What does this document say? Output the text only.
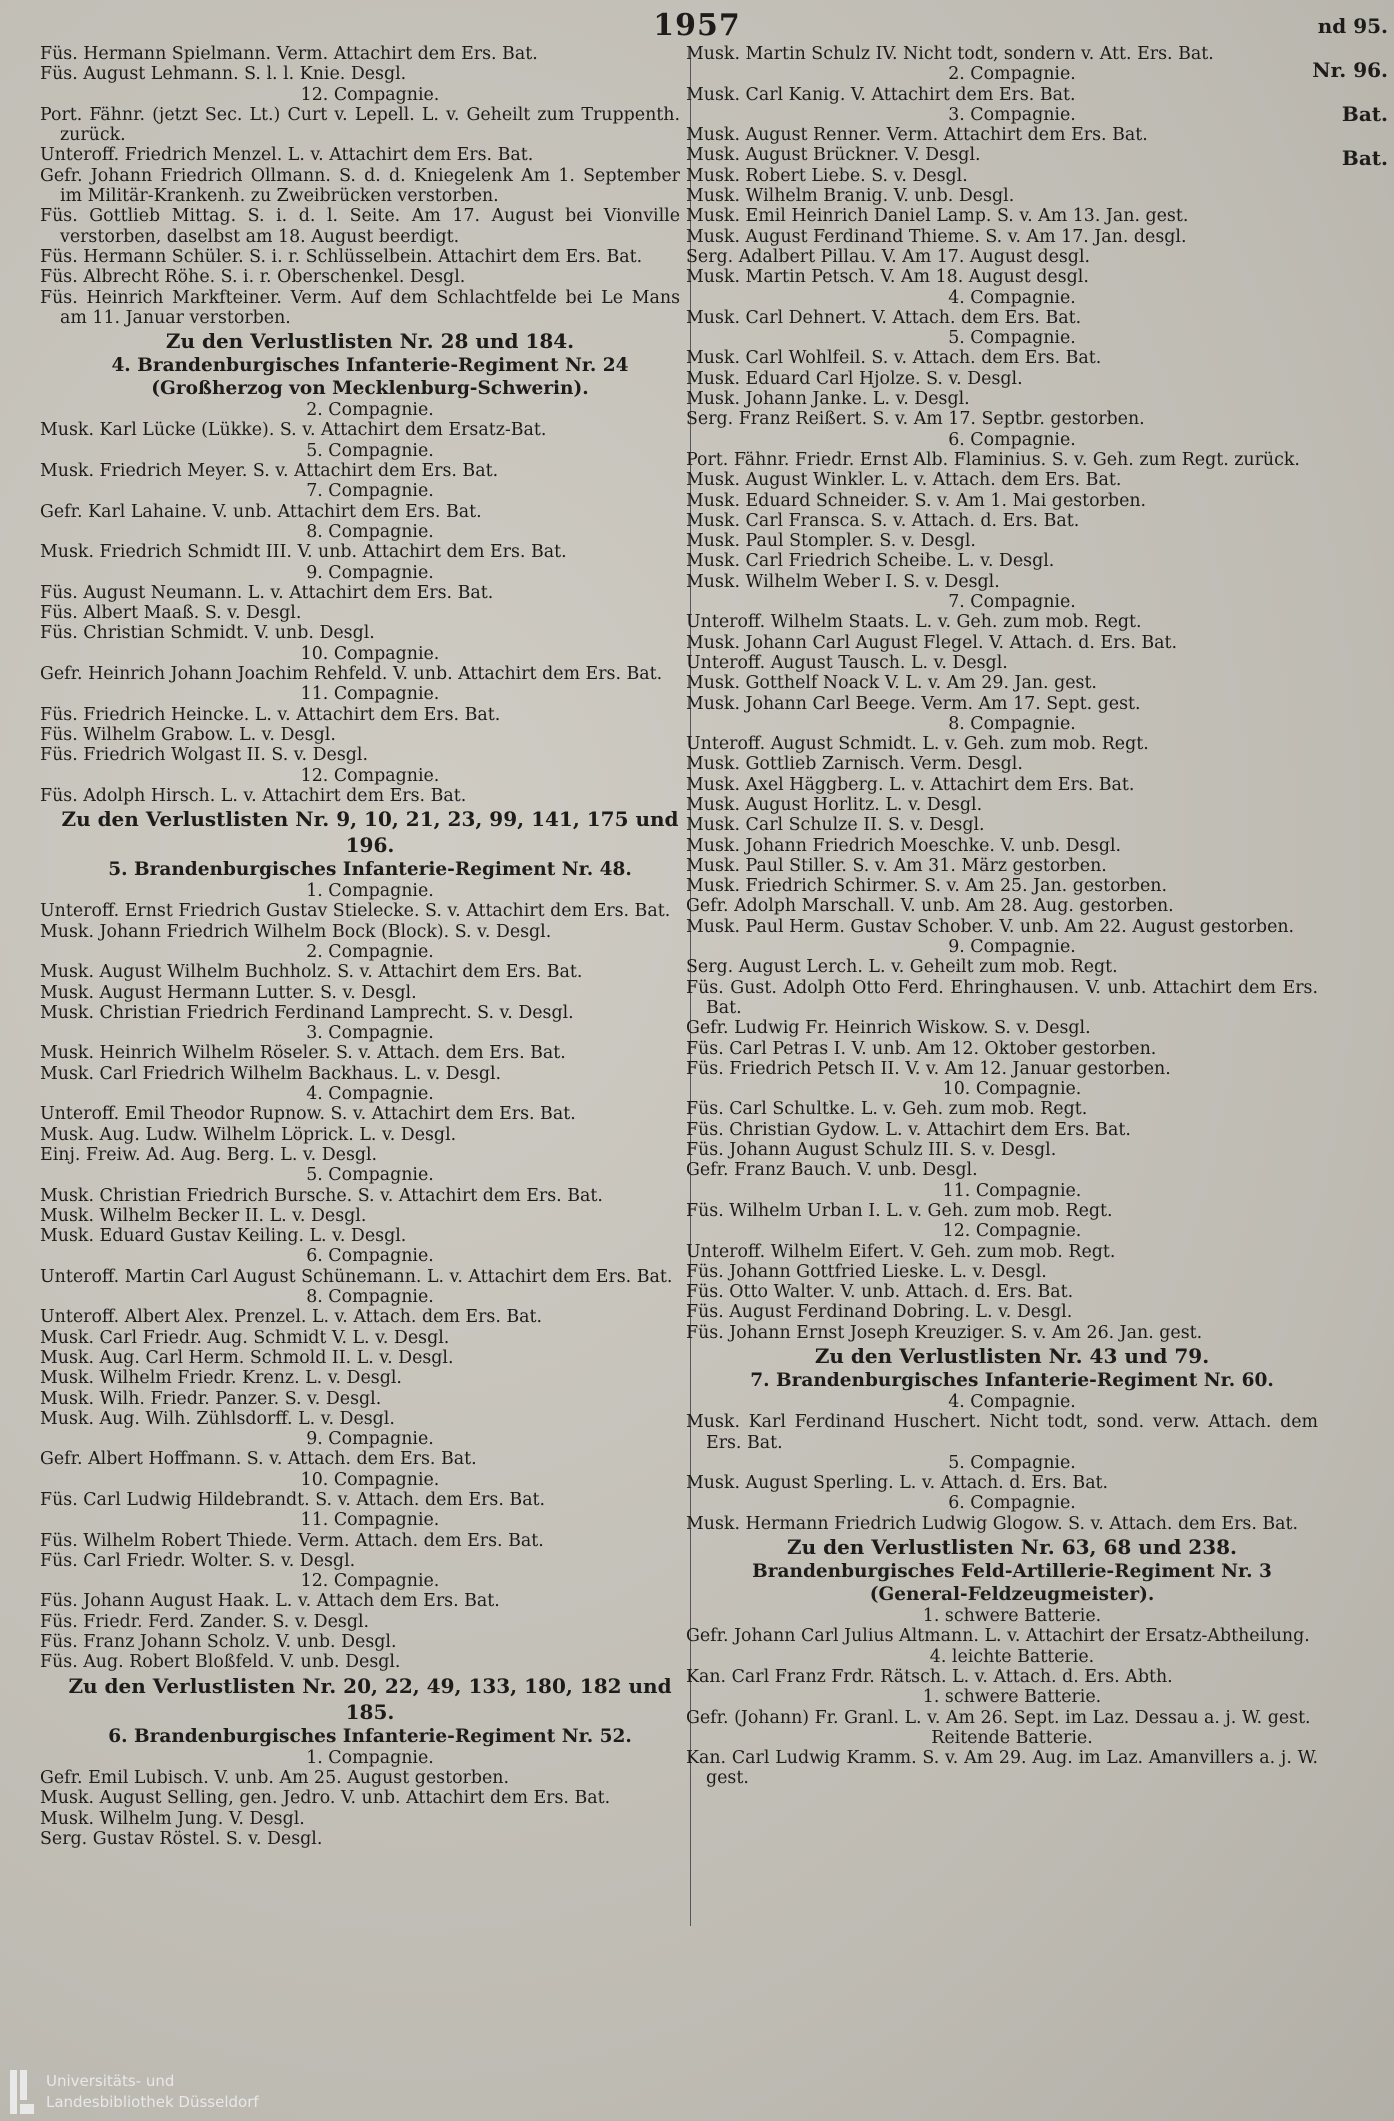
1957	nd 95.
Nr. 96.
Bat.
Bat.

Füs. Hermann Spielmann. Verm. Attachirt dem Ers. Bat.

Füs. August Lehmann. S. l. l. Knie. Desgl.

12. Compagnie.

Port. Fähnr. (jetzt Sec. Lt.) Curt v. Lepell. L. v. Geheilt zum Truppenth. zurück.

Unteroff. Friedrich Menzel. L. v. Attachirt dem Ers. Bat.

Gefr. Johann Friedrich Ollmann. S. d. d. Kniegelenk Am 1. September im Militär-Krankenh. zu Zweibrücken verstorben.

Füs. Gottlieb Mittag. S. i. d. l. Seite. Am 17. August bei Vionville verstorben, daselbst am 18. August beerdigt.

Füs. Hermann Schüler. S. i. r. Schlüsselbein. Attachirt dem Ers. Bat.

Füs. Albrecht Röhe. S. i. r. Oberschenkel. Desgl.

Füs. Heinrich Markfteiner. Verm. Auf dem Schlachtfelde bei Le Mans am 11. Januar verstorben.

Zu den Verlustlisten Nr. 28 und 184.

4. Brandenburgisches Infanterie-Regiment Nr. 24 (Großherzog von Mecklenburg-Schwerin).

2. Compagnie.

Musk. Karl Lücke (Lükke). S. v. Attachirt dem Ersatz-Bat.

5. Compagnie.

Musk. Friedrich Meyer. S. v. Attachirt dem Ers. Bat.

7. Compagnie.

Gefr. Karl Lahaine. V. unb. Attachirt dem Ers. Bat.

8. Compagnie.

Musk. Friedrich Schmidt III. V. unb. Attachirt dem Ers. Bat.

9. Compagnie.

Füs. August Neumann. L. v. Attachirt dem Ers. Bat.

Füs. Albert Maaß. S. v. Desgl.

Füs. Christian Schmidt. V. unb. Desgl.

10. Compagnie.

Gefr. Heinrich Johann Joachim Rehfeld. V. unb. Attachirt dem Ers. Bat.

11. Compagnie.

Füs. Friedrich Heincke. L. v. Attachirt dem Ers. Bat.

Füs. Wilhelm Grabow. L. v. Desgl.

Füs. Friedrich Wolgast II. S. v. Desgl.

12. Compagnie.

Füs. Adolph Hirsch. L. v. Attachirt dem Ers. Bat.

Zu den Verlustlisten Nr. 9, 10, 21, 23, 99, 141, 175 und 196.

5. Brandenburgisches Infanterie-Regiment Nr. 48.

1. Compagnie.

Unteroff. Ernst Friedrich Gustav Stielecke. S. v. Attachirt dem Ers. Bat.

Musk. Johann Friedrich Wilhelm Bock (Block). S. v. Desgl.

2. Compagnie.

Musk. August Wilhelm Buchholz. S. v. Attachirt dem Ers. Bat.

Musk. August Hermann Lutter. S. v. Desgl.

Musk. Christian Friedrich Ferdinand Lamprecht. S. v. Desgl.

3. Compagnie.

Musk. Heinrich Wilhelm Röseler. S. v. Attach. dem Ers. Bat.

Musk. Carl Friedrich Wilhelm Backhaus. L. v. Desgl.

4. Compagnie.

Unteroff. Emil Theodor Rupnow. S. v. Attachirt dem Ers. Bat.

Musk. Aug. Ludw. Wilhelm Löprick. L. v. Desgl.

Einj. Freiw. Ad. Aug. Berg. L. v. Desgl.

5. Compagnie.

Musk. Christian Friedrich Bursche. S. v. Attachirt dem Ers. Bat.

Musk. Wilhelm Becker II. L. v. Desgl.

Musk. Eduard Gustav Keiling. L. v. Desgl.

6. Compagnie.

Unteroff. Martin Carl August Schünemann. L. v. Attachirt dem Ers. Bat.

8. Compagnie.

Unteroff. Albert Alex. Prenzel. L. v. Attach. dem Ers. Bat.

Musk. Carl Friedr. Aug. Schmidt V. L. v. Desgl.

Musk. Aug. Carl Herm. Schmold II. L. v. Desgl.

Musk. Wilhelm Friedr. Krenz. L. v. Desgl.

Musk. Wilh. Friedr. Panzer. S. v. Desgl.

Musk. Aug. Wilh. Zühlsdorff. L. v. Desgl.

9. Compagnie.

Gefr. Albert Hoffmann. S. v. Attach. dem Ers. Bat.

10. Compagnie.

Füs. Carl Ludwig Hildebrandt. S. v. Attach. dem Ers. Bat.

11. Compagnie.

Füs. Wilhelm Robert Thiede. Verm. Attach. dem Ers. Bat.

Füs. Carl Friedr. Wolter. S. v. Desgl.

12. Compagnie.

Füs. Johann August Haak. L. v. Attach dem Ers. Bat.

Füs. Friedr. Ferd. Zander. S. v. Desgl.

Füs. Franz Johann Scholz. V. unb. Desgl.

Füs. Aug. Robert Bloßfeld. V. unb. Desgl.

Zu den Verlustlisten Nr. 20, 22, 49, 133, 180, 182 und 185.

6. Brandenburgisches Infanterie-Regiment Nr. 52.

1. Compagnie.

Gefr. Emil Lubisch. V. unb. Am 25. August gestorben.

Musk. August Selling, gen. Jedro. V. unb. Attachirt dem Ers. Bat.

Musk. Wilhelm Jung. V. Desgl.

Serg. Gustav Röstel. S. v. Desgl.

Musk. Martin Schulz IV. Nicht todt, sondern v. Att. Ers. Bat.

2. Compagnie.

Musk. Carl Kanig. V. Attachirt dem Ers. Bat.

3. Compagnie.

Musk. August Renner. Verm. Attachirt dem Ers. Bat.

Musk. August Brückner. V. Desgl.

Musk. Robert Liebe. S. v. Desgl.

Musk. Wilhelm Branig. V. unb. Desgl.

Musk. Emil Heinrich Daniel Lamp. S. v. Am 13. Jan. gest.

Musk. August Ferdinand Thieme. S. v. Am 17. Jan. desgl.

Serg. Adalbert Pillau. V. Am 17. August desgl.

Musk. Martin Petsch. V. Am 18. August desgl.

4. Compagnie.

Musk. Carl Dehnert. V. Attach. dem Ers. Bat.

5. Compagnie.

Musk. Carl Wohlfeil. S. v. Attach. dem Ers. Bat.

Musk. Eduard Carl Hjolze. S. v. Desgl.

Musk. Johann Janke. L. v. Desgl.

Serg. Franz Reißert. S. v. Am 17. Septbr. gestorben.

6. Compagnie.

Port. Fähnr. Friedr. Ernst Alb. Flaminius. S. v. Geh. zum Regt. zurück.

Musk. August Winkler. L. v. Attach. dem Ers. Bat.

Musk. Eduard Schneider. S. v. Am 1. Mai gestorben.

Musk. Carl Fransca. S. v. Attach. d. Ers. Bat.

Musk. Paul Stompler. S. v. Desgl.

Musk. Carl Friedrich Scheibe. L. v. Desgl.

Musk. Wilhelm Weber I. S. v. Desgl.

7. Compagnie.

Unteroff. Wilhelm Staats. L. v. Geh. zum mob. Regt.

Musk. Johann Carl August Flegel. V. Attach. d. Ers. Bat.

Unteroff. August Tausch. L. v. Desgl.

Musk. Gotthelf Noack V. L. v. Am 29. Jan. gest.

Musk. Johann Carl Beege. Verm. Am 17. Sept. gest.

8. Compagnie.

Unteroff. August Schmidt. L. v. Geh. zum mob. Regt.

Musk. Gottlieb Zarnisch. Verm. Desgl.

Musk. Axel Häggberg. L. v. Attachirt dem Ers. Bat.

Musk. August Horlitz. L. v. Desgl.

Musk. Carl Schulze II. S. v. Desgl.

Musk. Johann Friedrich Moeschke. V. unb. Desgl.

Musk. Paul Stiller. S. v. Am 31. März gestorben.

Musk. Friedrich Schirmer. S. v. Am 25. Jan. gestorben.

Gefr. Adolph Marschall. V. unb. Am 28. Aug. gestorben.

Musk. Paul Herm. Gustav Schober. V. unb. Am 22. August gestorben.

9. Compagnie.

Serg. August Lerch. L. v. Geheilt zum mob. Regt.

Füs. Gust. Adolph Otto Ferd. Ehringhausen. V. unb. Attachirt dem Ers. Bat.

Gefr. Ludwig Fr. Heinrich Wiskow. S. v. Desgl.

Füs. Carl Petras I. V. unb. Am 12. Oktober gestorben.

Füs. Friedrich Petsch II. V. v. Am 12. Januar gestorben.

10. Compagnie.

Füs. Carl Schultke. L. v. Geh. zum mob. Regt.

Füs. Christian Gydow. L. v. Attachirt dem Ers. Bat.

Füs. Johann August Schulz III. S. v. Desgl.

Gefr. Franz Bauch. V. unb. Desgl.

11. Compagnie.

Füs. Wilhelm Urban I. L. v. Geh. zum mob. Regt.

12. Compagnie.

Unteroff. Wilhelm Eifert. V. Geh. zum mob. Regt.

Füs. Johann Gottfried Lieske. L. v. Desgl.

Füs. Otto Walter. V. unb. Attach. d. Ers. Bat.

Füs. August Ferdinand Dobring. L. v. Desgl.

Füs. Johann Ernst Joseph Kreuziger. S. v. Am 26. Jan. gest.

Zu den Verlustlisten Nr. 43 und 79.

7. Brandenburgisches Infanterie-Regiment Nr. 60.

4. Compagnie.

Musk. Karl Ferdinand Huschert. Nicht todt, sond. verw. Attach. dem Ers. Bat.

5. Compagnie.

Musk. August Sperling. L. v. Attach. d. Ers. Bat.

6. Compagnie.

Musk. Hermann Friedrich Ludwig Glogow. S. v. Attach. dem Ers. Bat.

Zu den Verlustlisten Nr. 63, 68 und 238.

Brandenburgisches Feld-Artillerie-Regiment Nr. 3 (General-Feldzeugmeister).

1. schwere Batterie.

Gefr. Johann Carl Julius Altmann. L. v. Attachirt der Ersatz-Abtheilung.

4. leichte Batterie.

Kan. Carl Franz Frdr. Rätsch. L. v. Attach. d. Ers. Abth.

1. schwere Batterie.

Gefr. (Johann) Fr. Granl. L. v. Am 26. Sept. im Laz. Dessau a. j. W. gest.

Reitende Batterie.

Kan. Carl Ludwig Kramm. S. v. Am 29. Aug. im Laz. Amanvillers a. j. W. gest.

Universitäts- und
Landesbibliothek Düsseldorf
